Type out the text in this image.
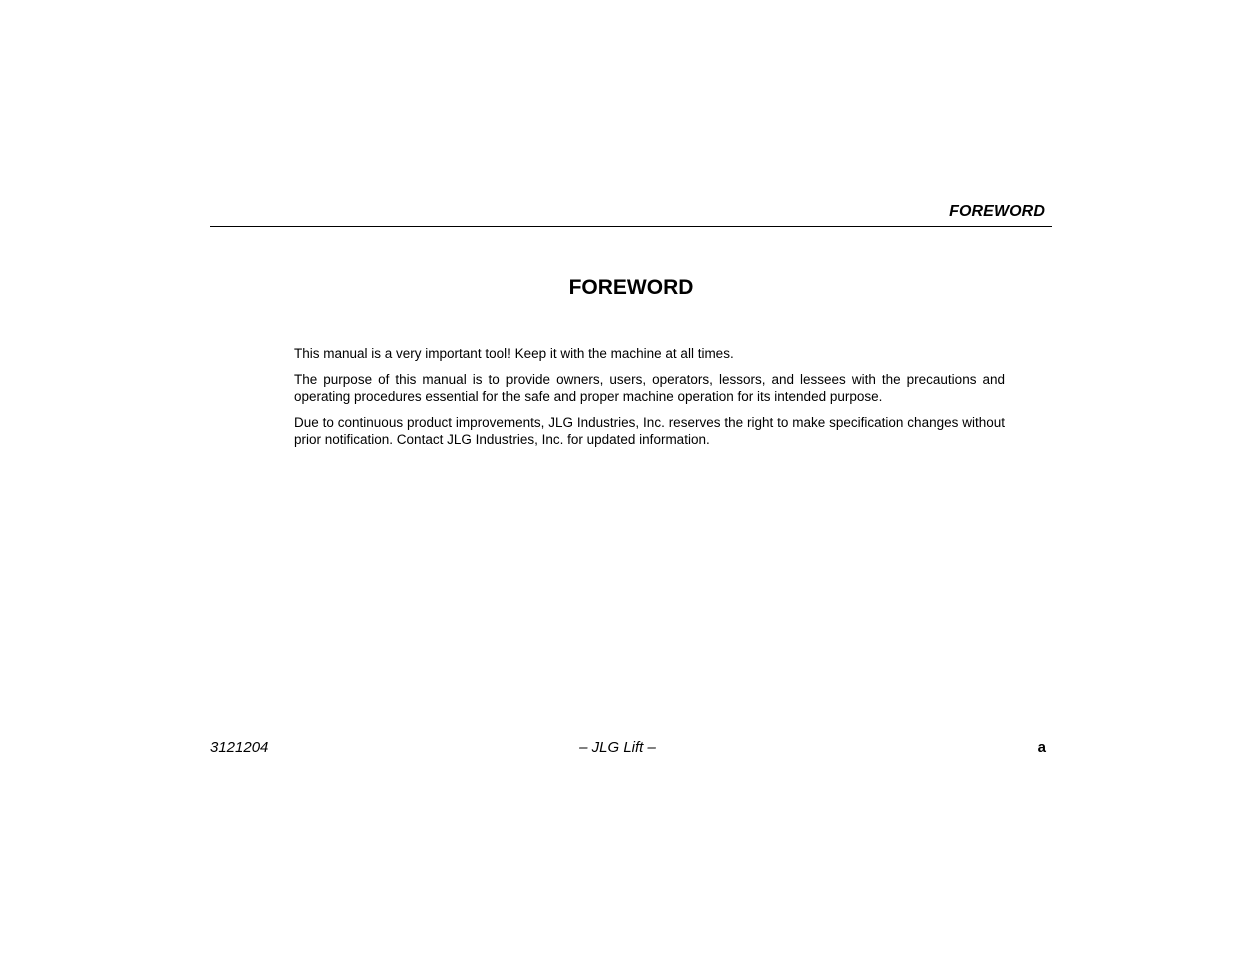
FOREWORD
FOREWORD

This manual is a very important tool! Keep it with the machine at all times.

The purpose of this manual is to provide owners, users, operators, lessors, and lessees with the precautions and operating procedures essential for the safe and proper machine operation for its intended purpose.

Due to continuous product improvements, JLG Industries, Inc. reserves the right to make specification changes without prior notification. Contact JLG Industries, Inc. for updated information.

3121204	– JLG Lift –	a
